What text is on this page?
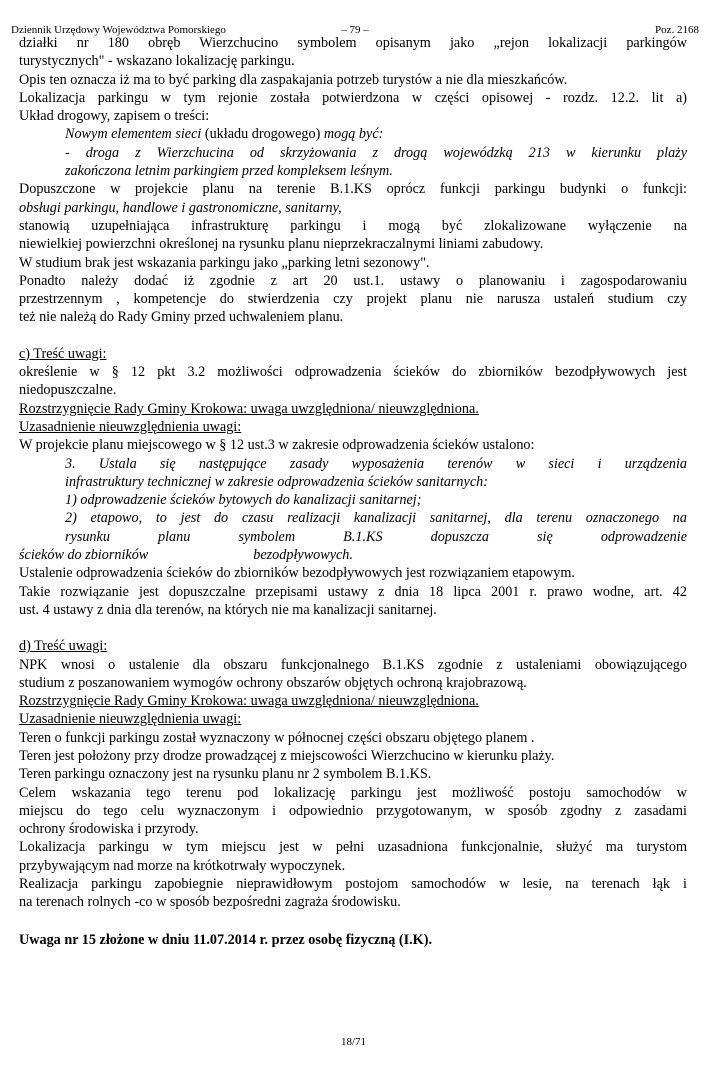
Dziennik Urzędowy Województwa Pomorskiego	– 79 –	Poz. 2168
działki nr 180 obręb Wierzchucino symbolem opisanym jako „rejon lokalizacji parkingów
turystycznych" - wskazano lokalizację parkingu.
Opis ten oznacza iż ma to być parking dla zaspakajania potrzeb turystów a nie dla mieszkańców.
Lokalizacja parkingu w tym rejonie została potwierdzona w części opisowej - rozdz. 12.2. lit a)
Układ drogowy, zapisem o treści:
Nowym elementem sieci (układu drogowego) mogą być:
- droga z Wierzchucina od skrzyżowania z drogą wojewódzką 213 w kierunku plaży
zakończona letnim parkingiem przed kompleksem leśnym.
Dopuszczone w projekcie planu na terenie B.1.KS oprócz funkcji parkingu budynki o funkcji:
obsługi parkingu, handlowe i gastronomiczne, sanitarny,
stanowią uzupełniająca infrastrukturę parkingu i mogą być zlokalizowane wyłączenie na
niewielkiej powierzchni określonej na rysunku planu nieprzekraczalnymi liniami zabudowy.
W studium brak jest wskazania parkingu jako „parking letni sezonowy".
Ponadto należy dodać iż zgodnie z art 20 ust.1. ustawy o planowaniu i zagospodarowaniu
przestrzennym , kompetencje do stwierdzenia czy projekt planu nie narusza ustaleń studium czy
też nie należą do Rady Gminy przed uchwaleniem planu.
c) Treść uwagi:
określenie w § 12 pkt 3.2 możliwości odprowadzenia ścieków do zbiorników bezodpływowych jest
niedopuszczalne.
Rozstrzygnięcie Rady Gminy Krokowa: uwaga uwzględniona/ nieuwzględniona.
Uzasadnienie nieuwzględnienia uwagi:
W projekcie planu miejscowego w § 12 ust.3 w zakresie odprowadzenia ścieków ustalono:
3. Ustala się następujące zasady wyposażenia terenów w sieci i urządzenia
infrastruktury technicznej w zakresie odprowadzenia ścieków sanitarnych:
1) odprowadzenie ścieków bytowych do kanalizacji sanitarnej;
2) etapowo, to jest do czasu realizacji kanalizacji sanitarnej, dla terenu oznaczonego na
rysunku planu symbolem B.1.KS dopuszcza się odprowadzenie
ścieków do zbiorników	bezodpływowych.
Ustalenie odprowadzenia ścieków do zbiorników bezodpływowych jest rozwiązaniem etapowym.
Takie rozwiązanie jest dopuszczalne przepisami ustawy z dnia 18 lipca 2001 r. prawo wodne, art. 42
ust. 4 ustawy z dnia dla terenów, na których nie ma kanalizacji sanitarnej.
d) Treść uwagi:
NPK wnosi o ustalenie dla obszaru funkcjonalnego B.1.KS zgodnie z ustaleniami obowiązującego
studium z poszanowaniem wymogów ochrony obszarów objętych ochroną krajobrazową.
Rozstrzygnięcie Rady Gminy Krokowa: uwaga uwzględniona/ nieuwzględniona.
Uzasadnienie nieuwzględnienia uwagi:
Teren o funkcji parkingu został wyznaczony w północnej części obszaru objętego planem .
Teren jest położony przy drodze prowadzącej z miejscowości Wierzchucino w kierunku plaży.
Teren parkingu oznaczony jest na rysunku planu nr 2 symbolem B.1.KS.
Celem wskazania tego terenu pod lokalizację parkingu jest możliwość postoju samochodów w
miejscu do tego celu wyznaczonym i odpowiednio przygotowanym, w sposób zgodny z zasadami
ochrony środowiska i przyrody.
Lokalizacja parkingu w tym miejscu jest w pełni uzasadniona funkcjonalnie, służyć ma turystom
przybywającym nad morze na krótkotrwały wypoczynek.
Realizacja parkingu zapobiegnie nieprawidłowym postojom samochodów w lesie, na terenach łąk i
na terenach rolnych -co w sposób bezpośredni zagraża środowisku.
Uwaga nr 15 złożone w dniu 11.07.2014 r. przez osobę fizyczną (I.K).
18/71
